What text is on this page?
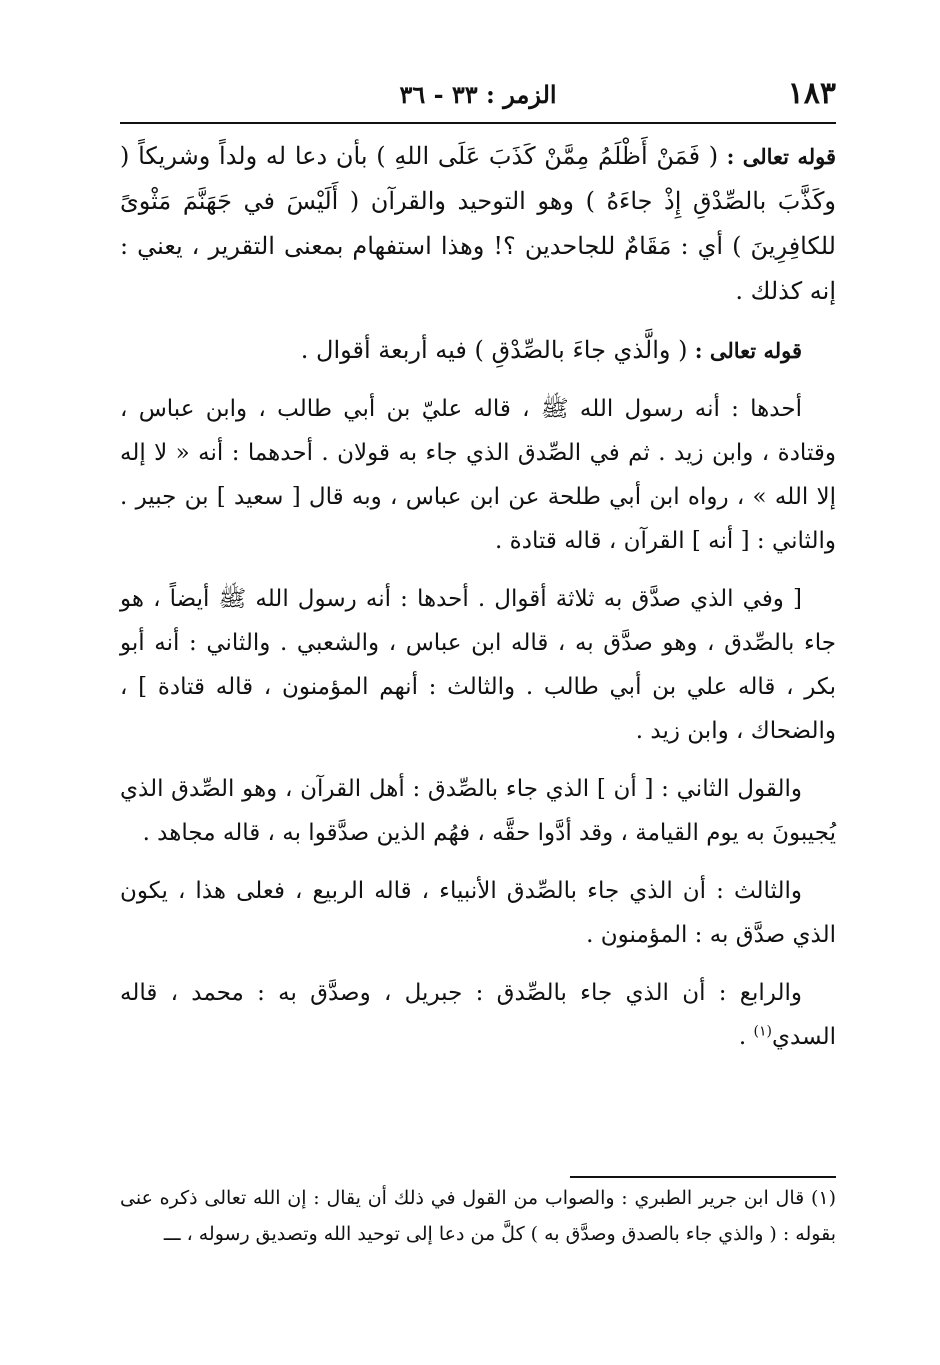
١٨٣
الزمر : ٣٣ - ٣٦

قوله تعالى : ( فَمَنْ أَظْلَمُ مِمَّنْ كَذَبَ عَلَى اللهِ ) بأن دعا له ولداً وشريكاً ( وكَذَّبَ بالصِّدْقِ إِذْ جاءَهُ ) وهو التوحيد والقرآن ( أَلَيْسَ في جَهَنَّمَ مَثْوىً للكافِرِينَ ) أي : مَقَامٌ للجاحدين ؟! وهذا استفهام بمعنى التقرير ، يعني : إنه كذلك .

قوله تعالى : ( والَّذي جاءَ بالصِّدْقِ ) فيه أربعة أقوال .

أحدها : أنه رسول الله ﷺ ، قاله عليّ بن أبي طالب ، وابن عباس ، وقتادة ، وابن زيد . ثم في الصِّدق الذي جاء به قولان . أحدهما : أنه « لا إله إلا الله » ، رواه ابن أبي طلحة عن ابن عباس ، وبه قال [ سعيد ] بن جبير . والثاني : [ أنه ] القرآن ، قاله قتادة .

[ وفي الذي صدَّق به ثلاثة أقوال . أحدها : أنه رسول الله ﷺ أيضاً ، هو جاء بالصِّدق ، وهو صدَّق به ، قاله ابن عباس ، والشعبي . والثاني : أنه أبو بكر ، قاله علي بن أبي طالب . والثالث : أنهم المؤمنون ، قاله قتادة ] ، والضحاك ، وابن زيد .

والقول الثاني : [ أن ] الذي جاء بالصِّدق : أهل القرآن ، وهو الصِّدق الذي يُجيبونَ به يوم القيامة ، وقد أدَّوا حقَّه ، فهُم الذين صدَّقوا به ، قاله مجاهد .

والثالث : أن الذي جاء بالصِّدق الأنبياء ، قاله الربيع ، فعلى هذا ، يكون الذي صدَّق به : المؤمنون .

والرابع : أن الذي جاء بالصِّدق : جبريل ، وصدَّق به : محمد ، قاله السدي$^{(١)}$ .

(١) قال ابن جرير الطبري : والصواب من القول في ذلك أن يقال : إن الله تعالى ذكره عنى بقوله : ( والذي جاء بالصدق وصدَّق به ) كلَّ من دعا إلى توحيد الله وتصديق رسوله ، ـــ
